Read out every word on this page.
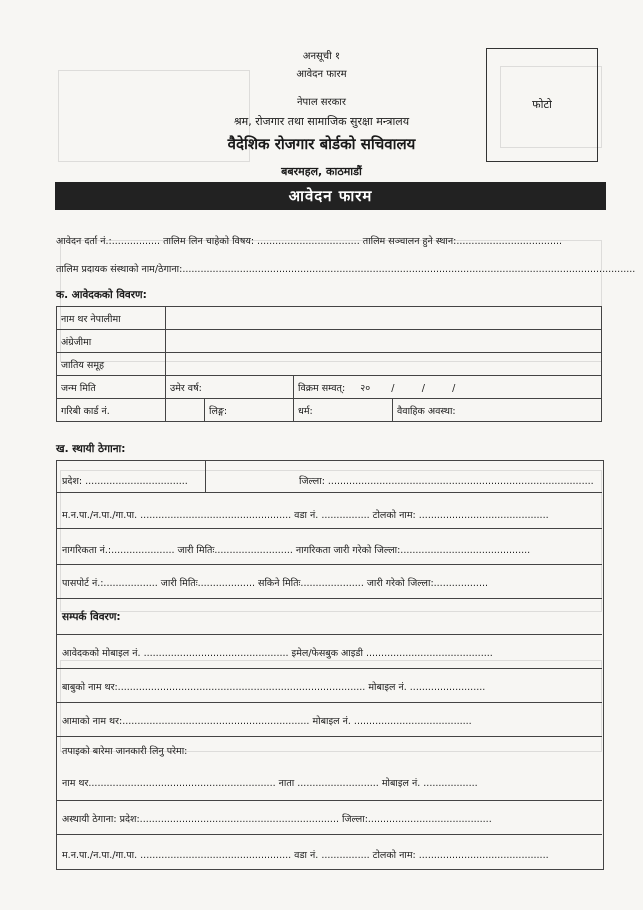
अनसूची १
आवेदन फारम
नेपाल सरकार
श्रम, रोजगार तथा सामाजिक सुरक्षा मन्त्रालय
वैदेशिक रोजगार बोर्डको सचिवालय
बबरमहल, काठमाडौं
फोटो
आवेदन फारम
आवेदन दर्ता नं.:................ तालिम लिन चाहेको विषय: .................................. तालिम सञ्चालन हुने स्थान:...................................
तालिम प्रदायक संस्थाको नाम/ठेगाना:......................................................................................................................................................
क. आवेदकको विवरण:
नाम थर नेपालीमा				
अंग्रेजीमा				
जातिय समूह				
जन्म मिति	उमेर वर्ष:		विक्रम सम्वत्: २० / / /	
गरिबी कार्ड नं.		लिङ्ग:	धर्म:	वैवाहिक अवस्था:
ख. स्थायी ठेगाना:
प्रदेश: ..................................	जिल्ला: ........................................................................................
म.न.पा./न.पा./गा.पा. .................................................. वडा नं. ................ टोलको नाम: ...........................................
नागरिकता नं.:..................... जारी मितिः.......................... नागरिकता जारी गरेको जिल्ला:...........................................
पासपोर्ट नं.:.................. जारी मितिः................... सकिने मितिः..................... जारी गरेको जिल्ला:..................
सम्पर्क विवरण:
आवेदकको मोबाइल नं. ................................................ इमेल/फेसबुक आइडी ..........................................
बाबुको नाम थर:.................................................................................. मोबाइल नं. .........................
आमाको नाम थर:.............................................................. मोबाइल नं. .......................................
तपाइको बारेमा जानकारी लिनु परेमा:
नाम थर.............................................................. नाता ........................... मोबाइल नं. ..................
अस्थायी ठेगाना: प्रदेश:.................................................................. जिल्ला:.........................................
म.न.पा./न.पा./गा.पा. .................................................. वडा नं. ................ टोलको नाम: ...........................................
